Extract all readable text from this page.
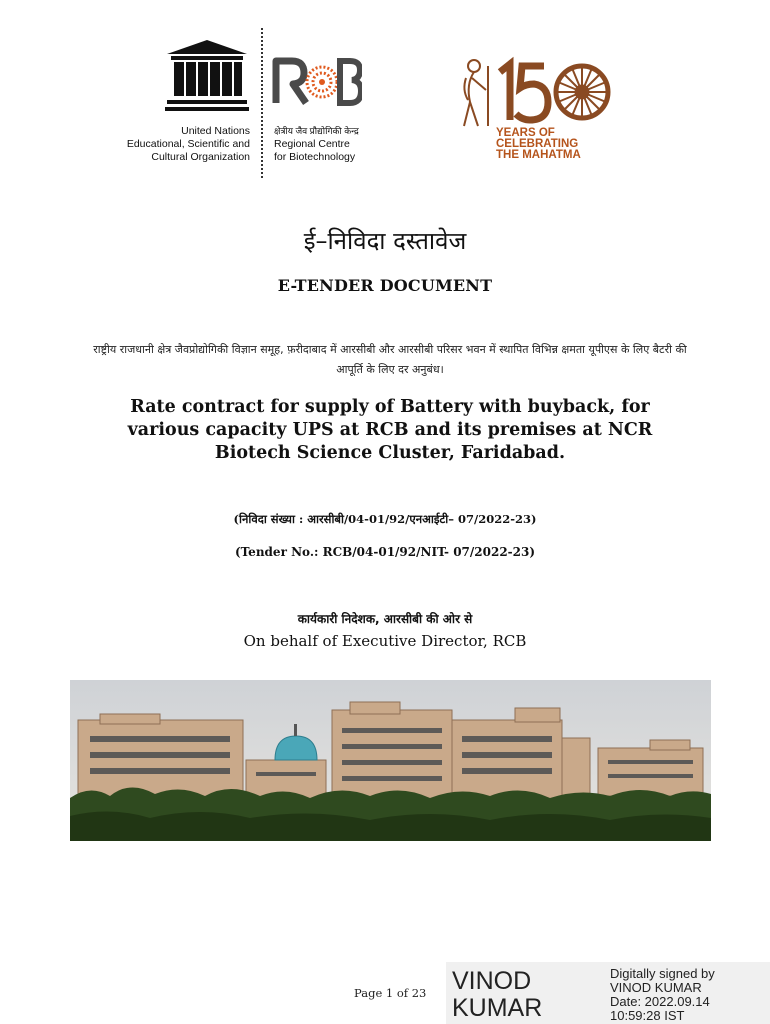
United Nations
Educational, Scientific and
Cultural Organization
क्षेत्रीय जैव प्रौद्योगिकी केन्द्र
Regional Centre
for Biotechnology
YEARS OF
CELEBRATING
THE MAHATMA
ई–निविदा दस्तावेज
E-TENDER DOCUMENT
राष्ट्रीय राजधानी क्षेत्र जैवप्रोद्योगिकी विज्ञान समूह, फ़रीदाबाद में आरसीबी और आरसीबी परिसर भवन में स्थापित विभिन्न क्षमता यूपीएस के लिए बैटरी की आपूर्ति के लिए दर अनुबंध।
Rate contract for supply of Battery with buyback, for various capacity UPS at RCB and its premises at NCR Biotech Science Cluster, Faridabad.
(निविदा संख्या : आरसीबी/04-01/92/एनआईटी– 07/2022-23)
(Tender No.: RCB/04-01/92/NIT- 07/2022-23)
कार्यकारी निदेशक, आरसीबी की ओर से
On behalf of Executive Director, RCB
Page 1 of 23 VINOD
KUMAR
Digitally signed by
VINOD KUMAR
Date: 2022.09.14
10:59:28 IST
